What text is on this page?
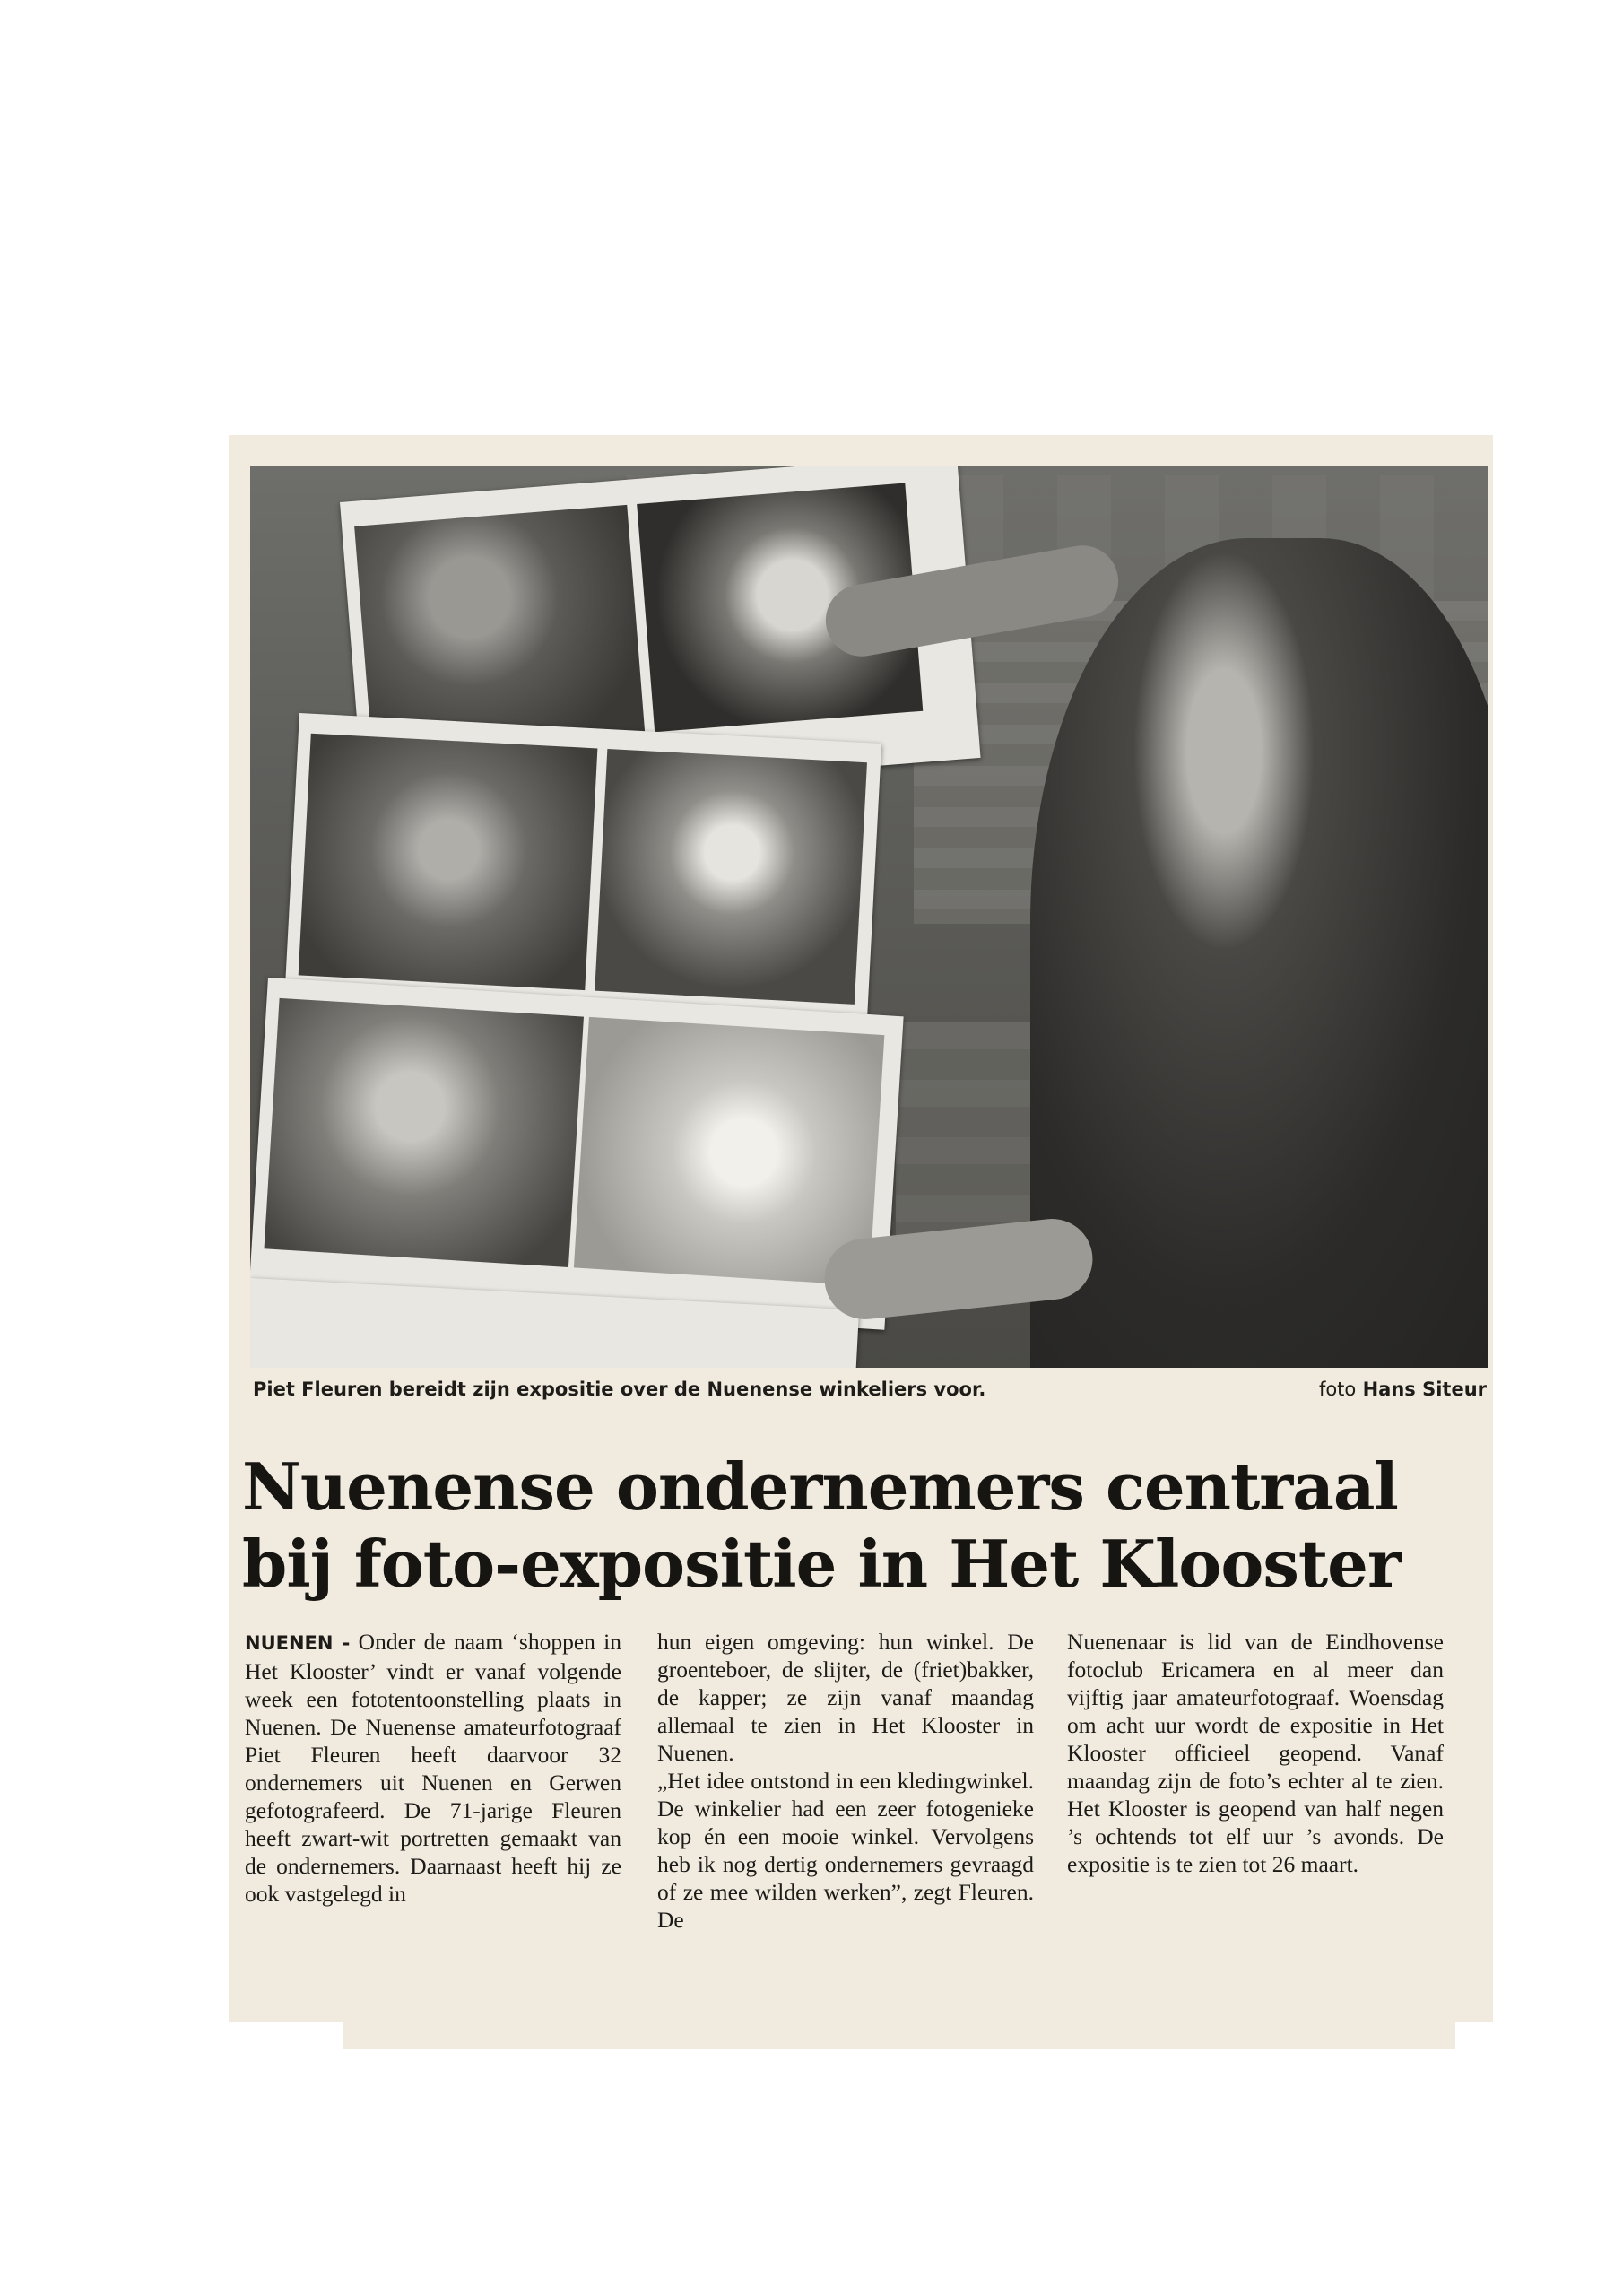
Piet Fleuren bereidt zijn expositie over de Nuenense winkeliers voor.	foto Hans Siteur
Nuenense ondernemers centraal
bij foto-expositie in Het Klooster

NUENEN - Onder de naam ‘shoppen in Het Klooster’ vindt er vanaf volgende week een fototentoonstelling plaats in Nuenen. De Nuenense amateurfotograaf Piet Fleuren heeft daarvoor 32 ondernemers uit Nuenen en Gerwen gefotografeerd. De 71-jarige Fleuren heeft zwart-wit portretten gemaakt van de ondernemers. Daarnaast heeft hij ze ook vastgelegd in

hun eigen omgeving: hun winkel. De groenteboer, de slijter, de (friet)bakker, de kapper; ze zijn vanaf maandag allemaal te zien in Het Klooster in Nuenen.

„Het idee ontstond in een kledingwinkel. De winkelier had een zeer fotogenieke kop én een mooie winkel. Vervolgens heb ik nog dertig ondernemers gevraagd of ze mee wilden werken”, zegt Fleuren. De

Nuenenaar is lid van de Eindhovense fotoclub Ericamera en al meer dan vijftig jaar amateurfotograaf. Woensdag om acht uur wordt de expositie in Het Klooster officieel geopend. Vanaf maandag zijn de foto’s echter al te zien. Het Klooster is geopend van half negen ’s ochtends tot elf uur ’s avonds. De expositie is te zien tot 26 maart.
